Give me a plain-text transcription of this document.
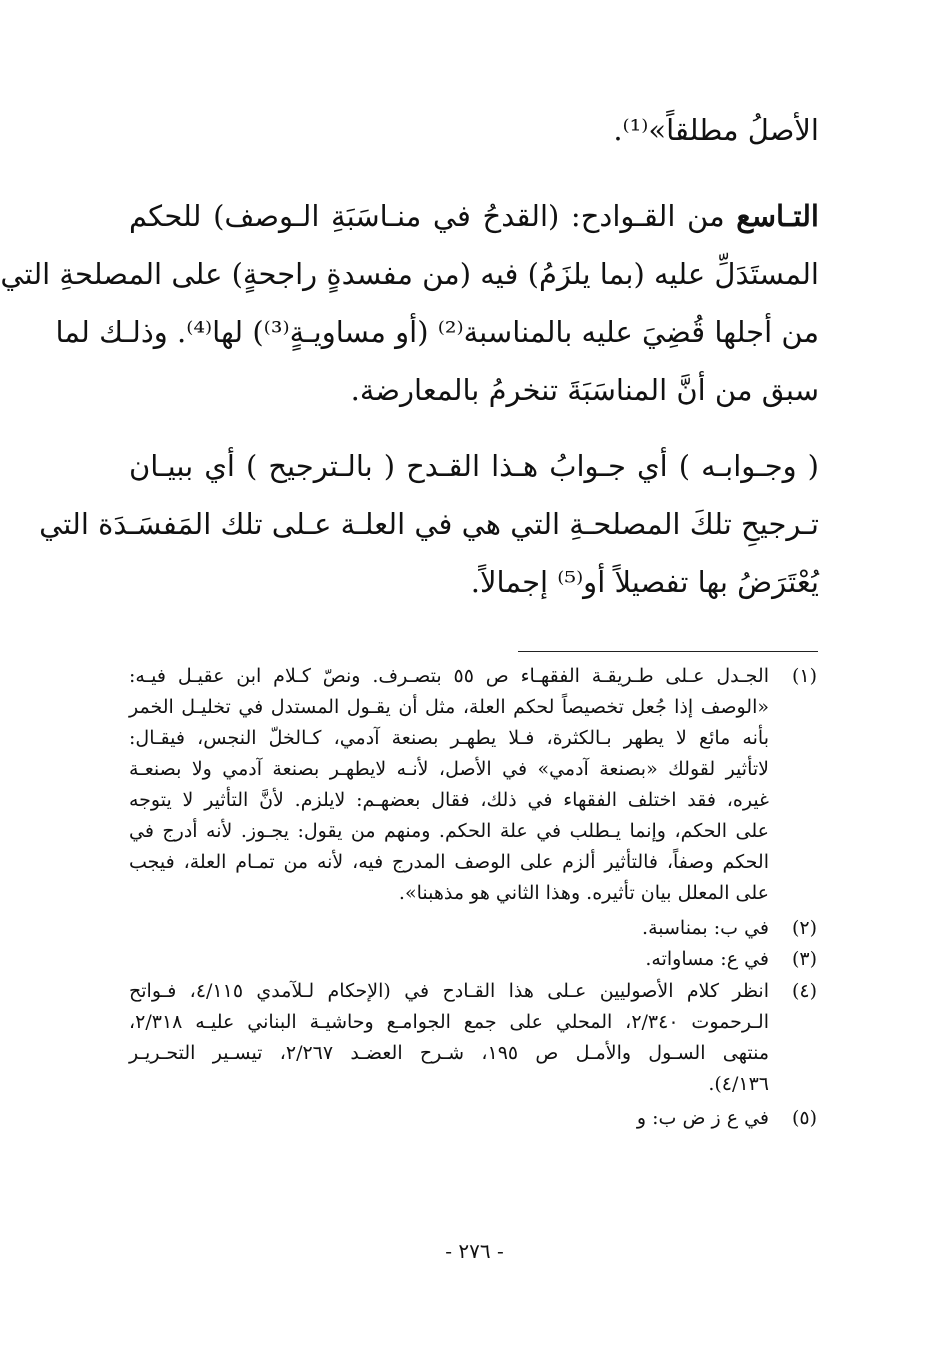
الأصلُ مطلقاً»⁽¹⁾.
التـاسع من القـوادح: (القدحُ في منـاسَبَةِ الـوصف) للحكم
المستَدَلِّ عليه (بما يلزَمُ) فيه (من مفسدةٍ راجحةٍ) على المصلحةِ التي
من أجلها قُضِيَ عليه بالمناسبة⁽²⁾ (أو مساويـةٍ⁽³⁾) لها⁽⁴⁾. وذلـك لما
سبق من أنَّ المناسَبَةَ تنخرمُ بالمعارضة.
( وجـوابـه ) أي جـوابُ هـذا القـدح ( بالـترجيح ) أي ببيـان
تـرجيحِ تلكَ المصلحـةِ التي هي في العلـة عـلى تلك المَفسَـدَة التي
يُعْتَرَضُ بها تفصيلاً أو⁽⁵⁾ إجمالاً.
(١)
الجـدل عـلى طـريقـة الفقهـاء ص ٥٥ بتصـرف. ونصّ كـلام ابن عقيـل فيـه:
«الوصف إذا جُعل تخصيصاً لحكم العلة، مثل أن يقـول المستدل في تخليـل الخمر
بأنه مائع لا يطهر بـالكثرة، فـلا يطهـر بصنعة آدمي، كـالخلّ النجس، فيقـال:
لاتأثير لقولك «بصنعة آدمي» في الأصل، لأنـه لايطهـر بصنعة آدمي ولا بصنعـة
غيره، فقد اختلف الفقهاء في ذلك، فقال بعضهـم: لايلزم. لأنَّ التأثير لا يتوجه
على الحكم، وإنما يـطلب في علة الحكم. ومنهم من يقول: يجـوز. لأنه أدرج في
الحكم وصفاً، فالتأثير ألزم على الوصف المدرج فيه، لأنه من تمـام العلة، فيجب
على المعلل بيان تأثيره. وهذا الثاني هو مذهبنا».
(٢)
في ب: بمناسبة.
(٣)
في ع: مساواته.
(٤)
انظر كلام الأصوليين عـلى هذا القـادح في (الإحكام لـلآمدي ٤/١١٥، فـواتح
الـرحموت ٢/٣٤٠، المحلي على جمع الجوامـع وحاشيـة البناني عليـه ٢/٣١٨،
منتهى السـول والأمـل ص ١٩٥، شـرح العضـد ٢/٢٦٧، تيسـير التحـريـر
٤/١٣٦).
(٥)
في ع ز ض ب: و
- ٢٧٦ -
